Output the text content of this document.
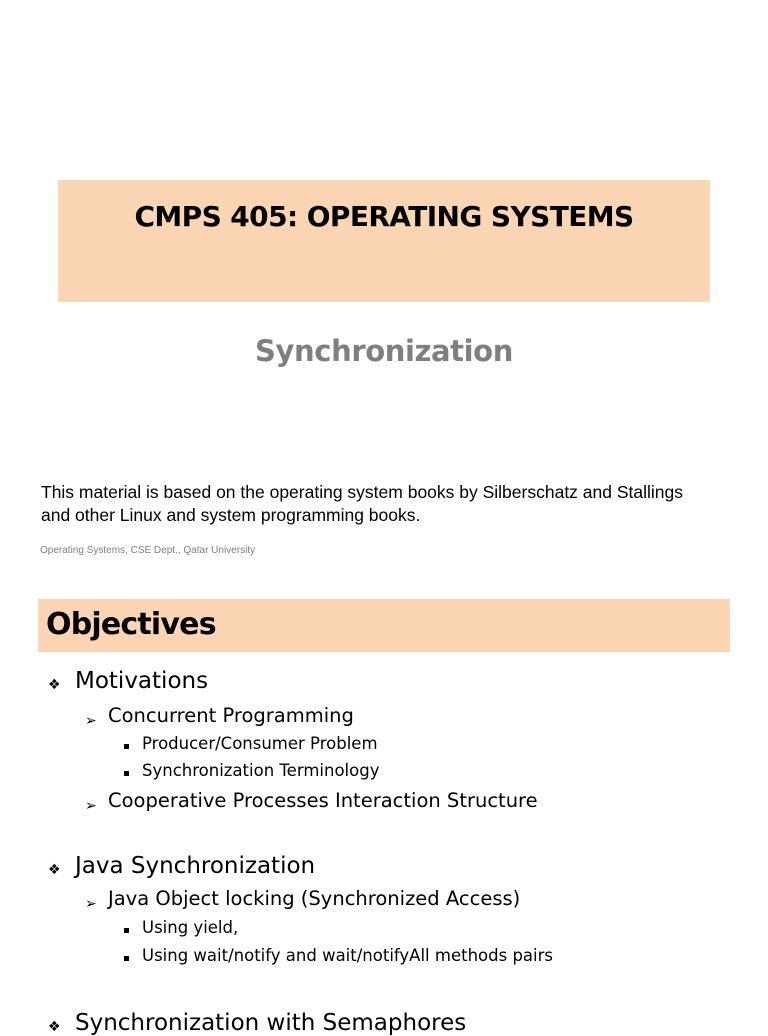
CMPS 405: OPERATING SYSTEMS
Synchronization
This material is based on the operating system books by Silberschatz and Stallings
and other Linux and system programming books.
Operating Systems, CSE Dept., Qatar University
Objectives
❖ Motivations
➢ Concurrent Programming
Producer/Consumer Problem
Synchronization Terminology
➢ Cooperative Processes Interaction Structure
❖ Java Synchronization
➢ Java Object locking (Synchronized Access)
Using yield,
Using wait/notify and wait/notifyAll methods pairs
❖ Synchronization with Semaphores
